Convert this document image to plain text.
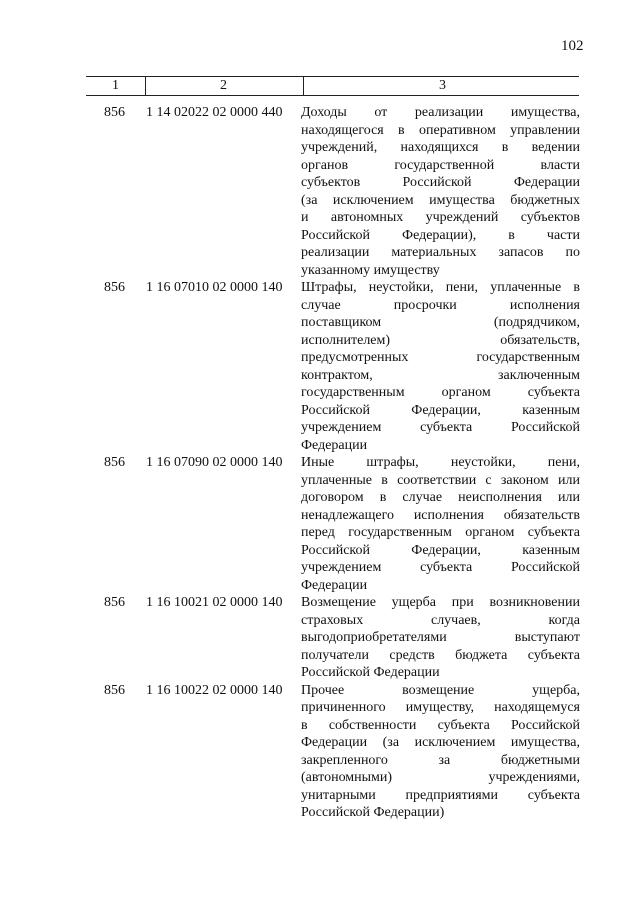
102
1	2	3
856 1 14 02022 02 0000 440 Доходы от реализации имущества,
находящегося в оперативном управлении
учреждений, находящихся в ведении
органов государственной власти
субъектов Российской Федерации
(за исключением имущества бюджетных
и автономных учреждений субъектов
Российской Федерации), в части
реализации материальных запасов по
указанному имуществу
856 1 16 07010 02 0000 140 Штрафы, неустойки, пени, уплаченные в
случае просрочки исполнения
поставщиком (подрядчиком,
исполнителем) обязательств,
предусмотренных государственным
контрактом, заключенным
государственным органом субъекта
Российской Федерации, казенным
учреждением субъекта Российской
Федерации
856 1 16 07090 02 0000 140 Иные штрафы, неустойки, пени,
уплаченные в соответствии с законом или
договором в случае неисполнения или
ненадлежащего исполнения обязательств
перед государственным органом субъекта
Российской Федерации, казенным
учреждением субъекта Российской
Федерации
856 1 16 10021 02 0000 140 Возмещение ущерба при возникновении
страховых случаев, когда
выгодоприобретателями выступают
получатели средств бюджета субъекта
Российской Федерации
856 1 16 10022 02 0000 140 Прочее возмещение ущерба,
причиненного имуществу, находящемуся
в собственности субъекта Российской
Федерации (за исключением имущества,
закрепленного за бюджетными
(автономными) учреждениями,
унитарными предприятиями субъекта
Российской Федерации)
